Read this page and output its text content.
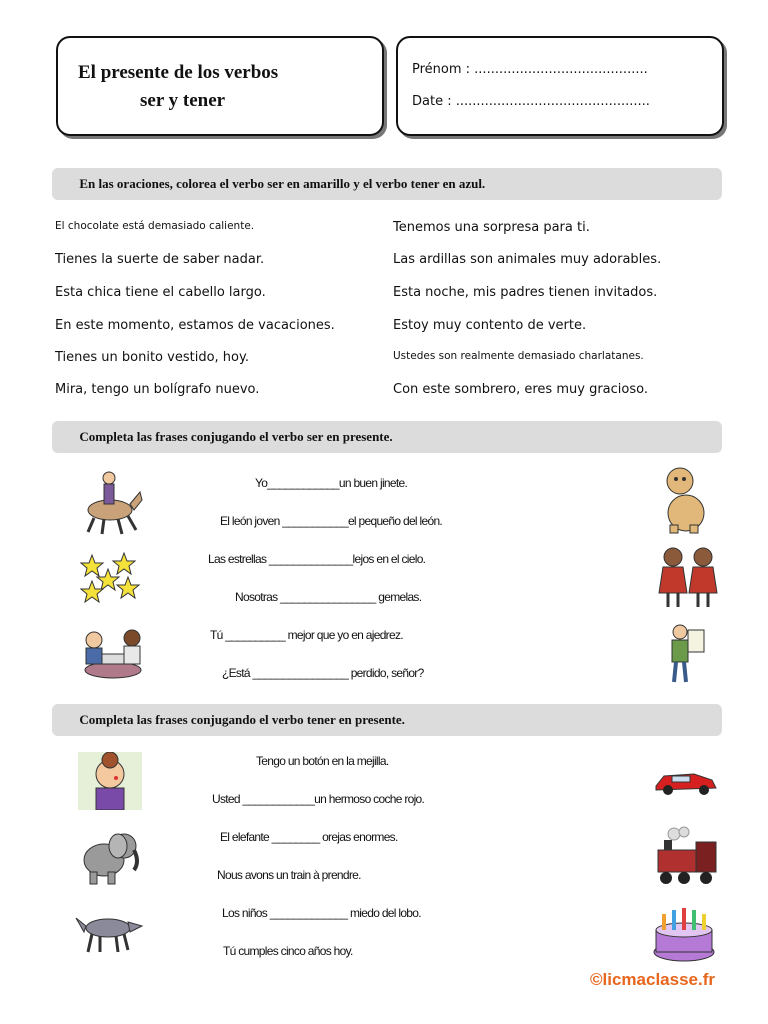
El presente de los verbos
ser y tener
Prénom : ..........................................
Date : ...............................................
En las oraciones, colorea el verbo ser en amarillo y el verbo tener en azul.
El chocolate está demasiado caliente.
Tienes la suerte de saber nadar.
Esta chica tiene el cabello largo.
En este momento, estamos de vacaciones.
Tienes un bonito vestido, hoy.
Mira, tengo un bolígrafo nuevo.
Tenemos una sorpresa para ti.
Las ardillas son animales muy adorables.
Esta noche, mis padres tienen invitados.
Estoy muy contento de verte.
Ustedes son realmente demasiado charlatanes.
Con este sombrero, eres muy gracioso.
Completa las frases conjugando el verbo ser en presente.
Yo____________un buen jinete.
El león joven ___________el pequeño del león.
Las estrellas ______________lejos en el cielo.
Nosotras ________________ gemelas.
Tú __________ mejor que yo en ajedrez.
¿Está ________________ perdido, señor?
Completa las frases conjugando el verbo tener en presente.
Tengo un botón en la mejilla.
Usted ____________un hermoso coche rojo.
El elefante ________ orejas enormes.
Nous avons un train à prendre.
Los niños _____________ miedo del lobo.
Tú cumples cinco años hoy.
©licmaclasse.fr
